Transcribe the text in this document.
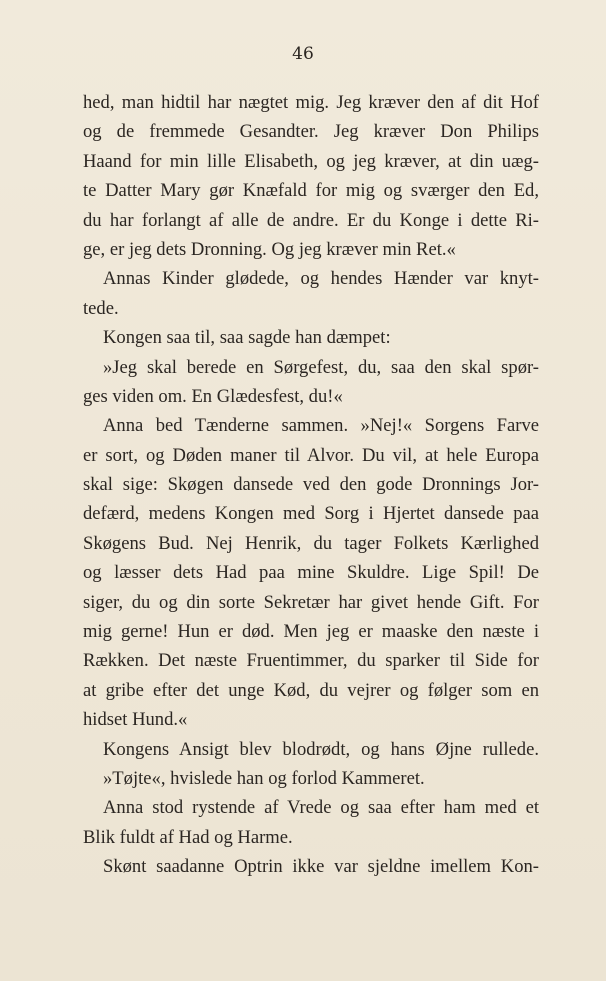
46
hed, man hidtil har nægtet mig. Jeg kræver den af dit Hof
og de fremmede Gesandter. Jeg kræver Don Philips
Haand for min lille Elisabeth, og jeg kræver, at din uæg-
te Datter Mary gør Knæfald for mig og sværger den Ed,
du har forlangt af alle de andre. Er du Konge i dette Ri-
ge, er jeg dets Dronning. Og jeg kræver min Ret.«
Annas Kinder glødede, og hendes Hænder var knyt-
tede.
Kongen saa til, saa sagde han dæmpet:
»Jeg skal berede en Sørgefest, du, saa den skal spør-
ges viden om. En Glædesfest, du!«
Anna bed Tænderne sammen. »Nej!« Sorgens Farve
er sort, og Døden maner til Alvor. Du vil, at hele Europa
skal sige: Skøgen dansede ved den gode Dronnings Jor-
defærd, medens Kongen med Sorg i Hjertet dansede paa
Skøgens Bud. Nej Henrik, du tager Folkets Kærlighed
og læsser dets Had paa mine Skuldre. Lige Spil! De
siger, du og din sorte Sekretær har givet hende Gift. For
mig gerne! Hun er død. Men jeg er maaske den næste i
Rækken. Det næste Fruentimmer, du sparker til Side for
at gribe efter det unge Kød, du vejrer og følger som en
hidset Hund.«
Kongens Ansigt blev blodrødt, og hans Øjne rullede.
»Tøjte«, hvislede han og forlod Kammeret.
Anna stod rystende af Vrede og saa efter ham med et
Blik fuldt af Had og Harme.
Skønt saadanne Optrin ikke var sjeldne imellem Kon-
